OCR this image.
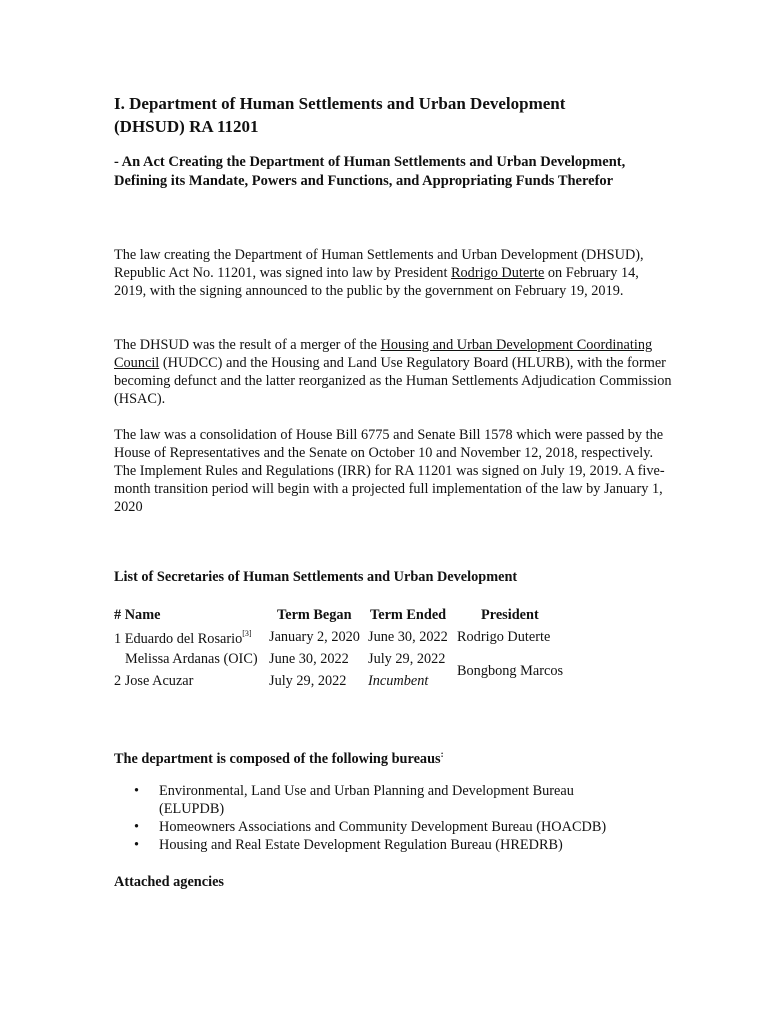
I. Department of Human Settlements and Urban Development
(DHSUD) RA 11201
- An Act Creating the Department of Human Settlements and Urban Development,
Defining its Mandate, Powers and Functions, and Appropriating Funds Therefor
The law creating the Department of Human Settlements and Urban Development (DHSUD), Republic Act No. 11201, was signed into law by President Rodrigo Duterte on February 14, 2019, with the signing announced to the public by the government on February 19, 2019.
The DHSUD was the result of a merger of the Housing and Urban Development Coordinating Council (HUDCC) and the Housing and Land Use Regulatory Board (HLURB), with the former becoming defunct and the latter reorganized as the Human Settlements Adjudication Commission (HSAC).
The law was a consolidation of House Bill 6775 and Senate Bill 1578 which were passed by the House of Representatives and the Senate on October 10 and November 12, 2018, respectively. The Implement Rules and Regulations (IRR) for RA 11201 was signed on July 19, 2019. A five-month transition period will begin with a projected full implementation of the law by January 1, 2020
List of Secretaries of Human Settlements and Urban Development
# Name	Term Began Term Ended President
1 Eduardo del Rosario[3] January 2, 2020 June 30, 2022 Rodrigo Duterte
Melissa Ardanas (OIC) June 30, 2022 July 29, 2022
2 Jose Acuzar	July 29, 2022 Incumbent
Bongbong Marcos
The department is composed of the following bureaus:
• Environmental, Land Use and Urban Planning and Development Bureau
(ELUPDB)
• Homeowners Associations and Community Development Bureau (HOACDB)
• Housing and Real Estate Development Regulation Bureau (HREDRB)
Attached agencies
